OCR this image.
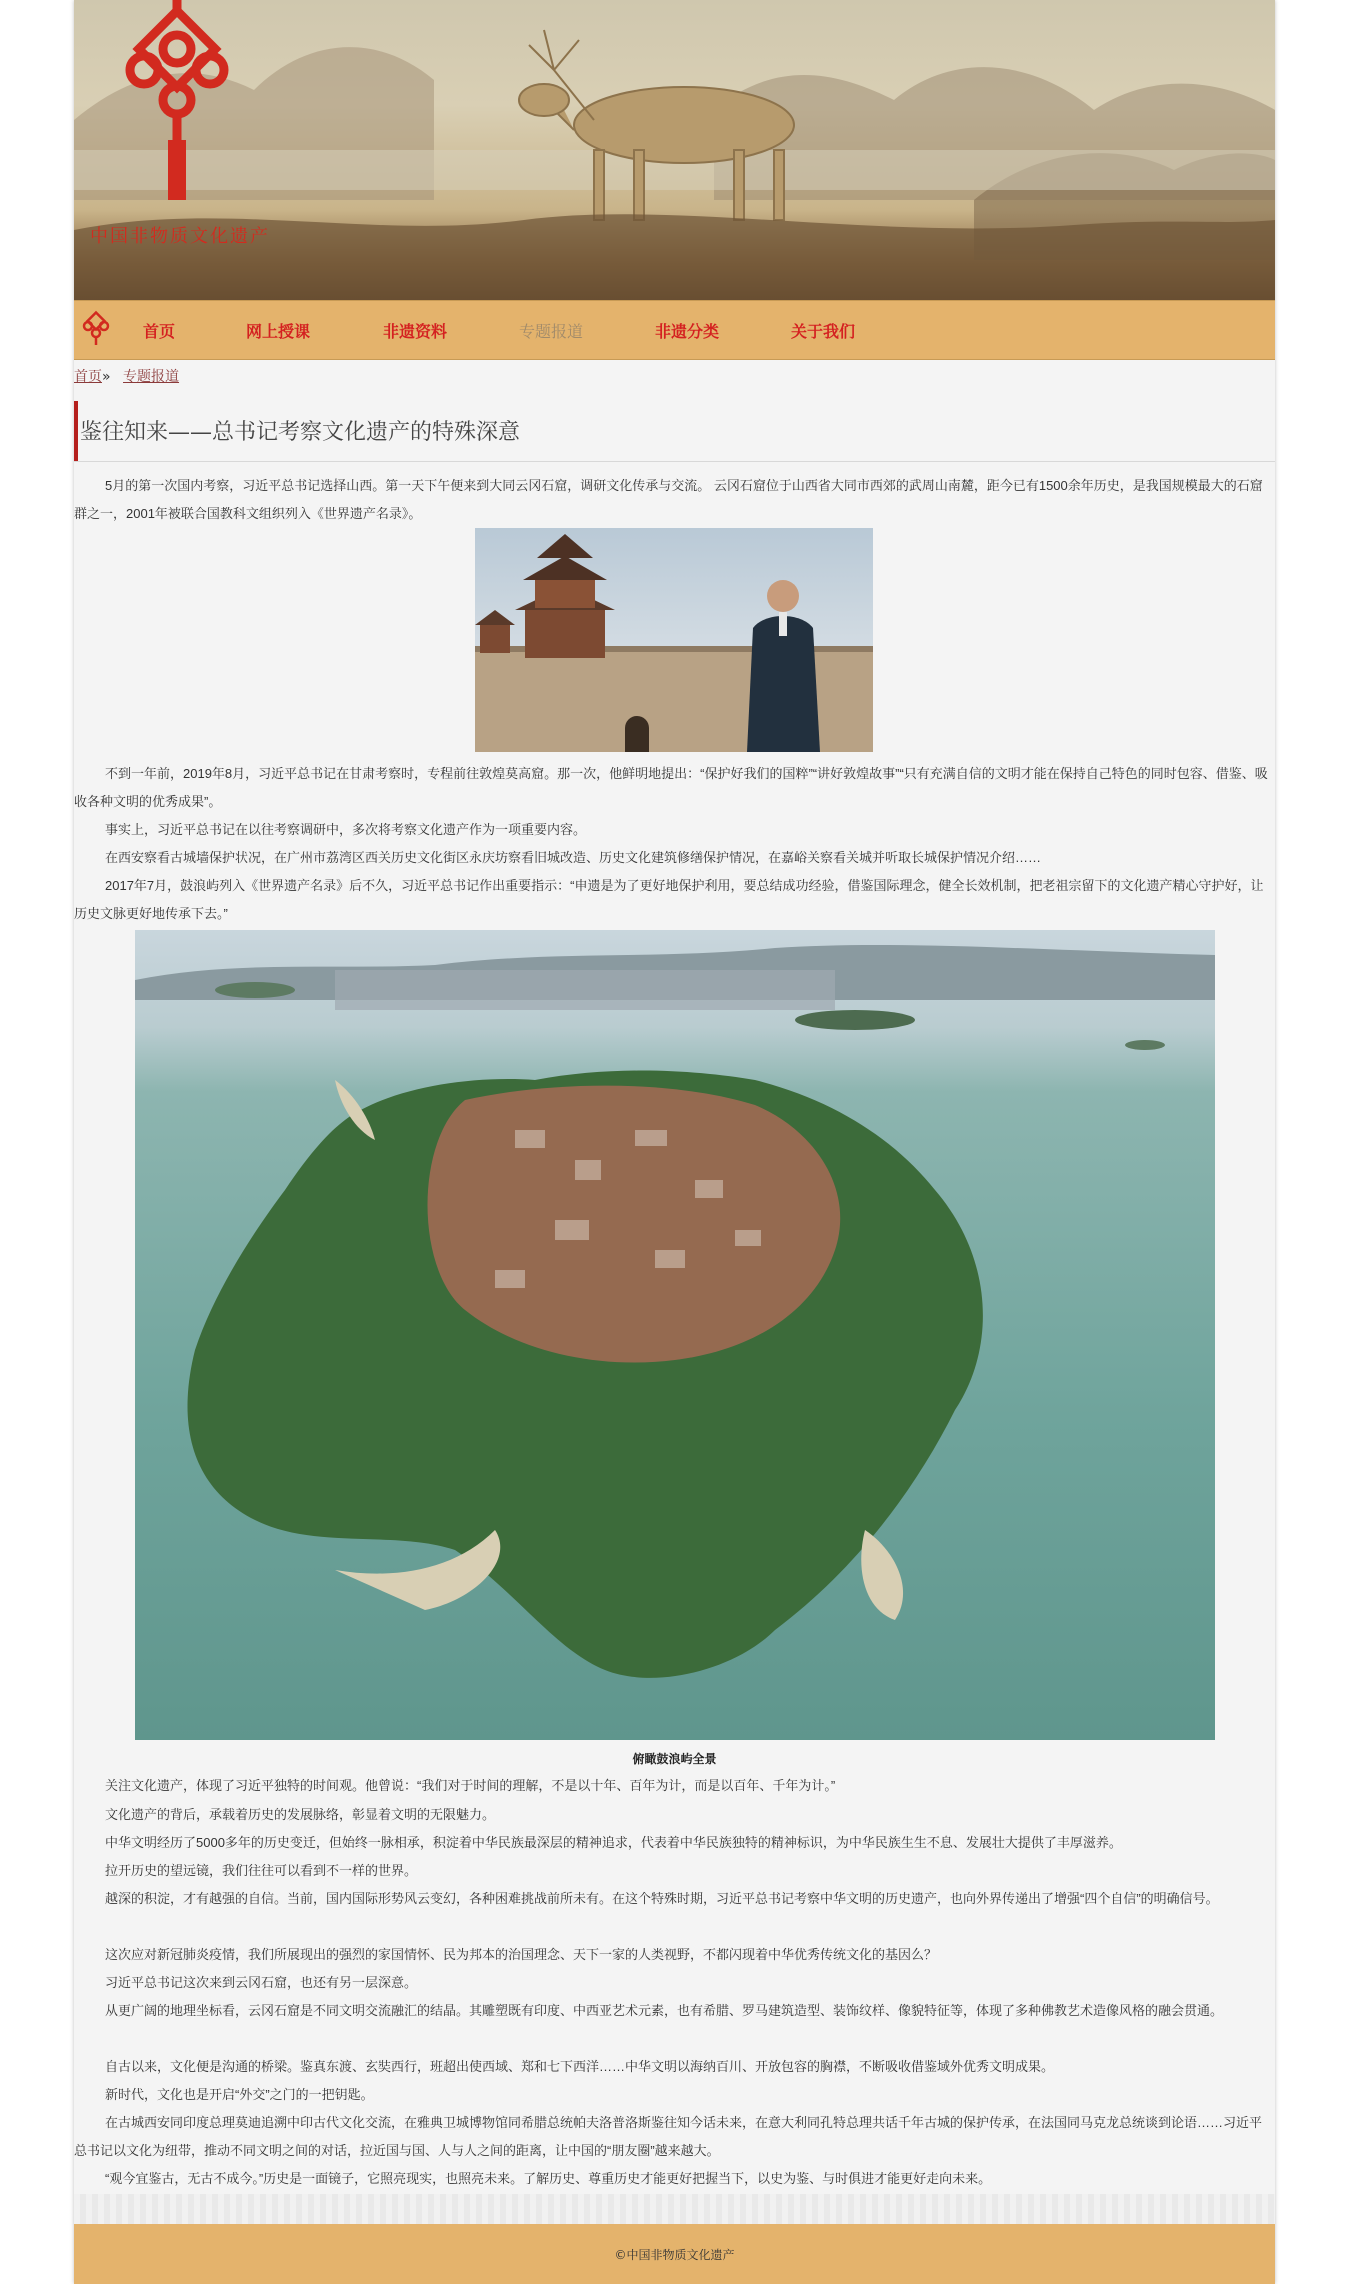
中国非物质文化遗产
首页	网上授课	非遗资料	专题报道	非遗分类	关于我们
首页» 专题报道
鉴往知来——总书记考察文化遗产的特殊深意

5月的第一次国内考察，习近平总书记选择山西。第一天下午便来到大同云冈石窟，调研文化传承与交流。 云冈石窟位于山西省大同市西郊的武周山南麓，距今已有1500余年历史，是我国规模最大的石窟群之一，2001年被联合国教科文组织列入《世界遗产名录》。

不到一年前，2019年8月，习近平总书记在甘肃考察时，专程前往敦煌莫高窟。那一次，他鲜明地提出：“保护好我们的国粹”“讲好敦煌故事”“只有充满自信的文明才能在保持自己特色的同时包容、借鉴、吸收各种文明的优秀成果”。

事实上，习近平总书记在以往考察调研中，多次将考察文化遗产作为一项重要内容。

在西安察看古城墙保护状况，在广州市荔湾区西关历史文化街区永庆坊察看旧城改造、历史文化建筑修缮保护情况，在嘉峪关察看关城并听取长城保护情况介绍……

2017年7月，鼓浪屿列入《世界遗产名录》后不久，习近平总书记作出重要指示：“申遗是为了更好地保护利用，要总结成功经验，借鉴国际理念，健全长效机制，把老祖宗留下的文化遗产精心守护好，让历史文脉更好地传承下去。”

俯瞰鼓浪屿全景

关注文化遗产，体现了习近平独特的时间观。他曾说：“我们对于时间的理解，不是以十年、百年为计，而是以百年、千年为计。”

文化遗产的背后，承载着历史的发展脉络，彰显着文明的无限魅力。

中华文明经历了5000多年的历史变迁，但始终一脉相承，积淀着中华民族最深层的精神追求，代表着中华民族独特的精神标识，为中华民族生生不息、发展壮大提供了丰厚滋养。

拉开历史的望远镜，我们往往可以看到不一样的世界。

越深的积淀，才有越强的自信。当前，国内国际形势风云变幻，各种困难挑战前所未有。在这个特殊时期，习近平总书记考察中华文明的历史遗产，也向外界传递出了增强“四个自信”的明确信号。

这次应对新冠肺炎疫情，我们所展现出的强烈的家国情怀、民为邦本的治国理念、天下一家的人类视野，不都闪现着中华优秀传统文化的基因么？

习近平总书记这次来到云冈石窟，也还有另一层深意。

从更广阔的地理坐标看，云冈石窟是不同文明交流融汇的结晶。其雕塑既有印度、中西亚艺术元素，也有希腊、罗马建筑造型、装饰纹样、像貌特征等，体现了多种佛教艺术造像风格的融会贯通。

自古以来，文化便是沟通的桥梁。鉴真东渡、玄奘西行，班超出使西域、郑和七下西洋……中华文明以海纳百川、开放包容的胸襟，不断吸收借鉴域外优秀文明成果。

新时代，文化也是开启“外交”之门的一把钥匙。

在古城西安同印度总理莫迪追溯中印古代文化交流，在雅典卫城博物馆同希腊总统帕夫洛普洛斯鉴往知今话未来，在意大利同孔特总理共话千年古城的保护传承，在法国同马克龙总统谈到论语……习近平总书记以文化为纽带，推动不同文明之间的对话，拉近国与国、人与人之间的距离，让中国的“朋友圈”越来越大。

“观今宜鉴古，无古不成今。”历史是一面镜子，它照亮现实，也照亮未来。了解历史、尊重历史才能更好把握当下，以史为鉴、与时俱进才能更好走向未来。

©中国非物质文化遗产
